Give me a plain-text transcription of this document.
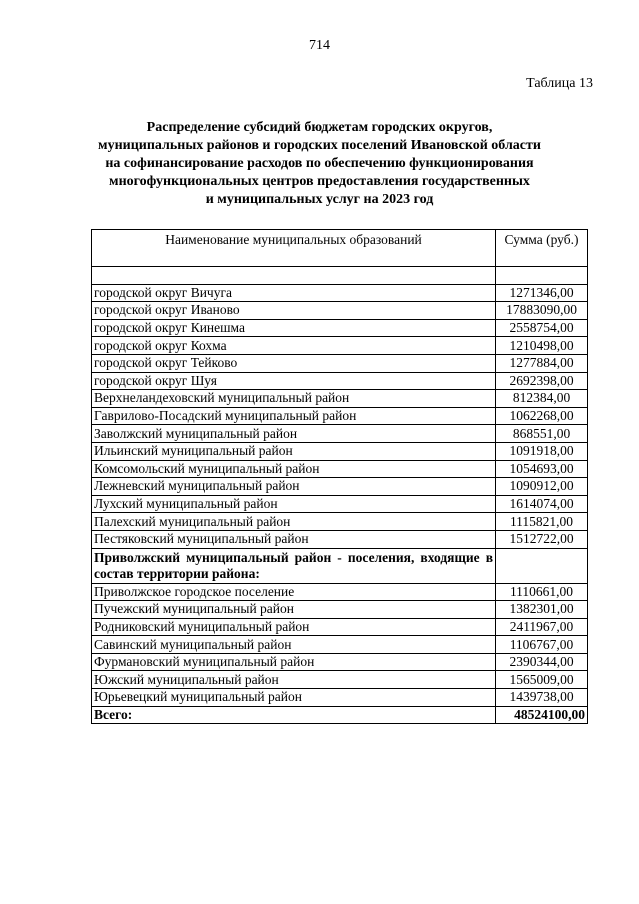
714
Таблица 13
Распределение субсидий бюджетам городских округов,
муниципальных районов и городских поселений Ивановской области
на софинансирование расходов по обеспечению функционирования
многофункциональных центров предоставления государственных
и муниципальных услуг на 2023 год
Наименование муниципальных образований	Сумма (руб.)

городской округ Вичуга	1271346,00
городской округ Иваново	17883090,00
городской округ Кинешма	2558754,00
городской округ Кохма	1210498,00
городской округ Тейково	1277884,00
городской округ Шуя	2692398,00
Верхнеландеховский муниципальный район	812384,00
Гаврилово-Посадский муниципальный район	1062268,00
Заволжский муниципальный район	868551,00
Ильинский муниципальный район	1091918,00
Комсомольский муниципальный район	1054693,00
Лежневский муниципальный район	1090912,00
Лухский муниципальный район	1614074,00
Палехский муниципальный район	1115821,00
Пестяковский муниципальный район	1512722,00
Приволжский муниципальный район - поселения, входящие в состав территории района:	
Приволжское городское поселение	1110661,00
Пучежский муниципальный район	1382301,00
Родниковский муниципальный район	2411967,00
Савинский муниципальный район	1106767,00
Фурмановский муниципальный район	2390344,00
Южский муниципальный район	1565009,00
Юрьевецкий муниципальный район	1439738,00
Всего:	48524100,00
